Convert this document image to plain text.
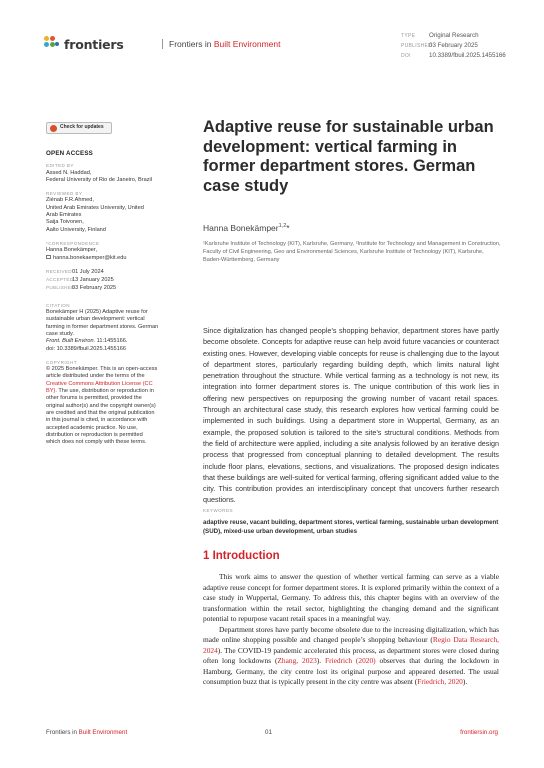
frontiers	Frontiers in Built Environment
TYPE Original Research
PUBLISHED03 February 2025
DOI	10.3389/fbuil.2025.1455166
Check for updates
OPEN ACCESS
EDITED BY
Assed N. Haddad,
Federal University of Rio de Janeiro, Brazil
REVIEWED BY
Ziénab F.R.Ahmed,
United Arab Emirates University, United
Arab Emirates
Saija Toivonen,
Aalto University, Finland
*CORRESPONDENCE
Hanna Bonekämper,
hanna.bonekaemper@kit.edu
RECEIVED01 July 2024
ACCEPTED13 January 2025
PUBLISHED03 February 2025
CITATION
Bonekämper H (2025) Adaptive reuse for
sustainable urban development: vertical
farming in former department stores. German
case study.
Front. Built Environ. 11:1455166.
doi: 10.3389/fbuil.2025.1455166
COPYRIGHT
© 2025 Bonekämper. This is an open-access
article distributed under the terms of the
Creative Commons Attribution License (CC
BY). The use, distribution or reproduction in
other forums is permitted, provided the
original author(s) and the copyright owner(s)
are credited and that the original publication
in this journal is cited, in accordance with
accepted academic practice. No use,
distribution or reproduction is permitted
which does not comply with these terms.
Adaptive reuse for sustainable urban development: vertical farming in former department stores. German case study
Hanna Bonekämper$^{1,2}$*
¹Karlsruhe Institute of Technology (KIT), Karlsruhe, Germany, ²Institute for Technology and Management in Construction, Faculty of Civil Engineering, Geo and Environmental Sciences, Karlsruhe Institute of Technology (KIT), Karlsruhe, Baden-Württemberg, Germany
Since digitalization has changed people’s shopping behavior, department stores have partly become obsolete. Concepts for adaptive reuse can help avoid future vacancies or counteract existing ones. However, developing viable concepts for reuse is challenging due to the layout of department stores, particularly regarding building depth, which limits natural light penetration throughout the structure. While vertical farming as a technology is not new, its integration into former department stores is. The unique contribution of this work lies in offering new perspectives on repurposing the growing number of vacant retail spaces. Through an architectural case study, this research explores how vertical farming could be implemented in such buildings. Using a department store in Wuppertal, Germany, as an example, the proposed solution is tailored to the site’s structural conditions. Methods from the field of architecture were applied, including a site analysis followed by an iterative design process that progressed from conceptual planning to detailed development. The results include floor plans, elevations, sections, and visualizations. The proposed design indicates that these buildings are well-suited for vertical farming, offering significant added value to the city. This contribution provides an interdisciplinary concept that uncovers further research questions.
KEYWORDS
adaptive reuse, vacant building, department stores, vertical farming, sustainable urban development (SUD), mixed-use urban development, urban studies
1 Introduction

This work aims to answer the question of whether vertical farming can serve as a viable adaptive reuse concept for former department stores. It is explored primarily within the context of a case study in Wuppertal, Germany. To address this, this chapter begins with an overview of the transformation within the retail sector, highlighting the changing demand and the significant potential to repurpose vacant retail spaces in a meaningful way.

Department stores have partly become obsolete due to the increasing digitalization, which has made online shopping possible and changed people’s shopping behaviour (Regio Data Research, 2024). The COVID-19 pandemic accelerated this process, as department stores were closed during often long lockdowns (Zhang, 2023). Friedrich (2020) observes that during the lockdown in Hamburg, Germany, the city centre lost its original purpose and appeared deserted. The usual consumption buzz that is typically present in the city centre was absent (Friedrich, 2020).

Frontiers in Built Environment	01	frontiersin.org
